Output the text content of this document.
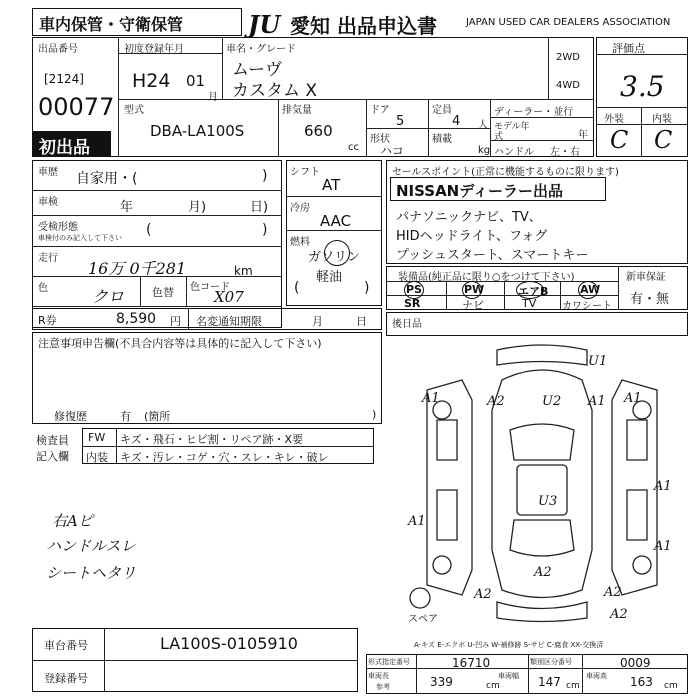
車内保管・守衛保管	JU 愛知 出品申込書	JAPAN USED CAR DEALERS ASSOCIATION
出品番号
[2124]
00077
初出品
初度登録年月
H24 01
月
車名・グレード
ムーヴ
カスタム X
2WD
4WD
評価点
3.5
外装	内装
C C
型式
DBA-LA100S
排気量
660
cc
ドア
5
定員
4 人
形状
ハコ
積載
kg
ディーラー・並行
モデル年式	年
ハンドル 左・右
車歴 自家用・(	)
車検	年	月)	日)
受検形態
車検付のみ記入して下さい (	)
走行
16万 0千281	km
色	クロ	色替 色コード
X07
R券	8,590 円 名変通知期限	月	日
シフト
AT
冷房
AAC
燃料
ガソリン
軽油
(	)
セールスポイント(正常に機能するものに限ります)
NISSANディーラー出品
パナソニックナビ、TV、
HIDヘッドライト、フォグ
プッシュスタート、スマートキー
装備品(純正品に限り○をつけて下さい)	新車保証
有・無
PS	PW	エアB	AW
SR	ナビ	TV	カワシート
後日品
注意事項申告欄(不具合内容等は具体的に記入して下さい)
修復歴	有 (箇所	)
検査員
記入欄
FW キズ・飛石・ヒビ割・リペア跡・X要
内装 キズ・汚レ・コゲ・穴・スレ・キレ・破レ
右Aピ
ハンドルスレ
シートヘタリ
U1
A1	U2	A1
A2	A1
U3
A1
A1
A1
A2
A2	A2
A2
スペア
A-キズ E-エクボ U-凹み W-補修跡 S-サビ C-腐食 XX-交換済
車台番号	LA100S-0105910
登録番号
形式指定番号	16710	類別区分番号	0009
車両長
参考	339	cm
車両幅 147 cm
車両高 163 cm
